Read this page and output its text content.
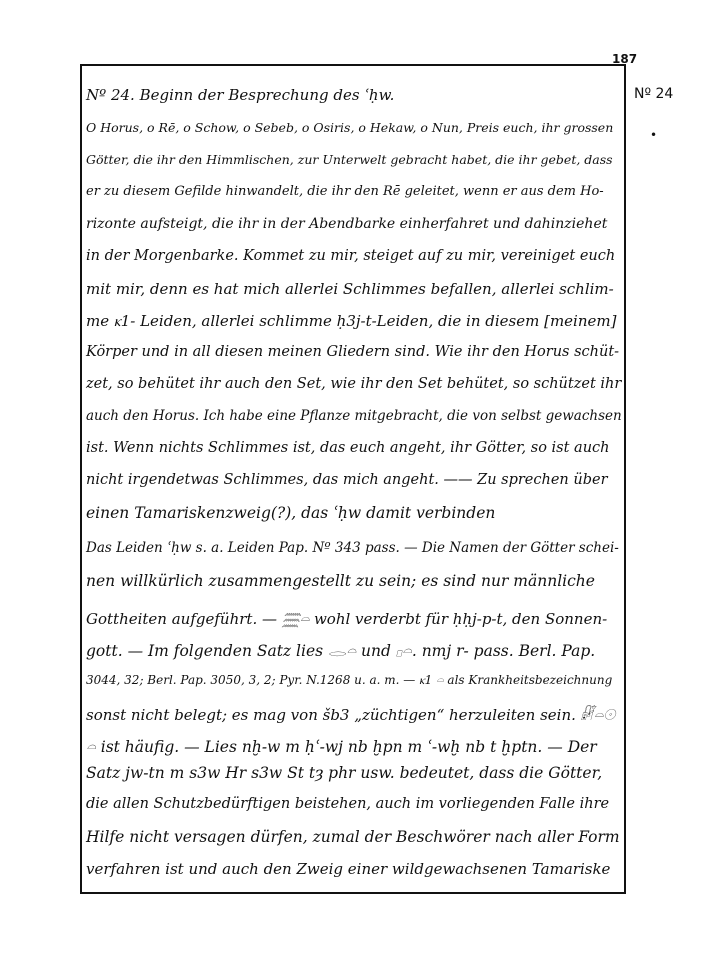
187
Nº 24
•
Nº 24. Beginn der Besprechung des ʿḥw.
O Horus, o Rē, o Schow, o Sebeb, o Osiris, o Hekaw, o Nun, Preis euch, ihr grossen
Götter, die ihr den Himmlischen, zur Unterwelt gebracht habet, die ihr gebet, dass
er zu diesem Gefilde hinwandelt, die ihr den Rē geleitet, wenn er aus dem Ho-
rizonte aufsteigt, die ihr in der Abendbarke einherfahret und dahinziehet
in der Morgenbarke. Kommet zu mir, steiget auf zu mir, vereiniget euch
mit mir, denn es hat mich allerlei Schlimmes befallen, allerlei schlim-
me ⲕ1- Leiden, allerlei schlimme ḥ3j-t-Leiden, die in diesem [meinem]
Körper und in all diesen meinen Gliedern sind. Wie ihr den Horus schüt-
zet, so behütet ihr auch den Set, wie ihr den Set behütet, so schützet ihr
auch den Horus. Ich habe eine Pflanze mitgebracht, die von selbst gewachsen
ist. Wenn nichts Schlimmes ist, das euch angeht, ihr Götter, so ist auch
nicht irgendetwas Schlimmes, das mich angeht. —— Zu sprechen über
einen Tamariskenzweig(?), das ʿḥw damit verbinden
Das Leiden ʿḥw s. a. Leiden Pap. Nº 343 pass. — Die Namen der Götter schei-
nen willkürlich zusammengestellt zu sein; es sind nur männliche
Gottheiten aufgeführt. — 𓈗𓏏 wohl verderbt für ḥḥj-p-t, den Sonnen-
gott. — Im folgenden Satz lies 𓂋𓏏 und 𓊪𓏏. nmj r- pass. Berl. Pap.
3044, 32; Berl. Pap. 3050, 3, 2; Pyr. N.1268 u. a. m. — ⲕ1 𓏏 als Krankheitsbezeichnung
sonst nicht belegt; es mag von šb3 „züchtigen“ herzuleiten sein. 𓏞𓏏𓇳
𓏏 ist häufig. — Lies nḫ-w m ḥʿ-wj nb ḫpn m ʿ-wḫ nb t ḫptn. — Der
Satz jw-tn m s3w Hr s3w St tȝ phr usw. bedeutet, dass die Götter,
die allen Schutzbedürftigen beistehen, auch im vorliegenden Falle ihre
Hilfe nicht versagen dürfen, zumal der Beschwörer nach aller Form
verfahren ist und auch den Zweig einer wildgewachsenen Tamariske
